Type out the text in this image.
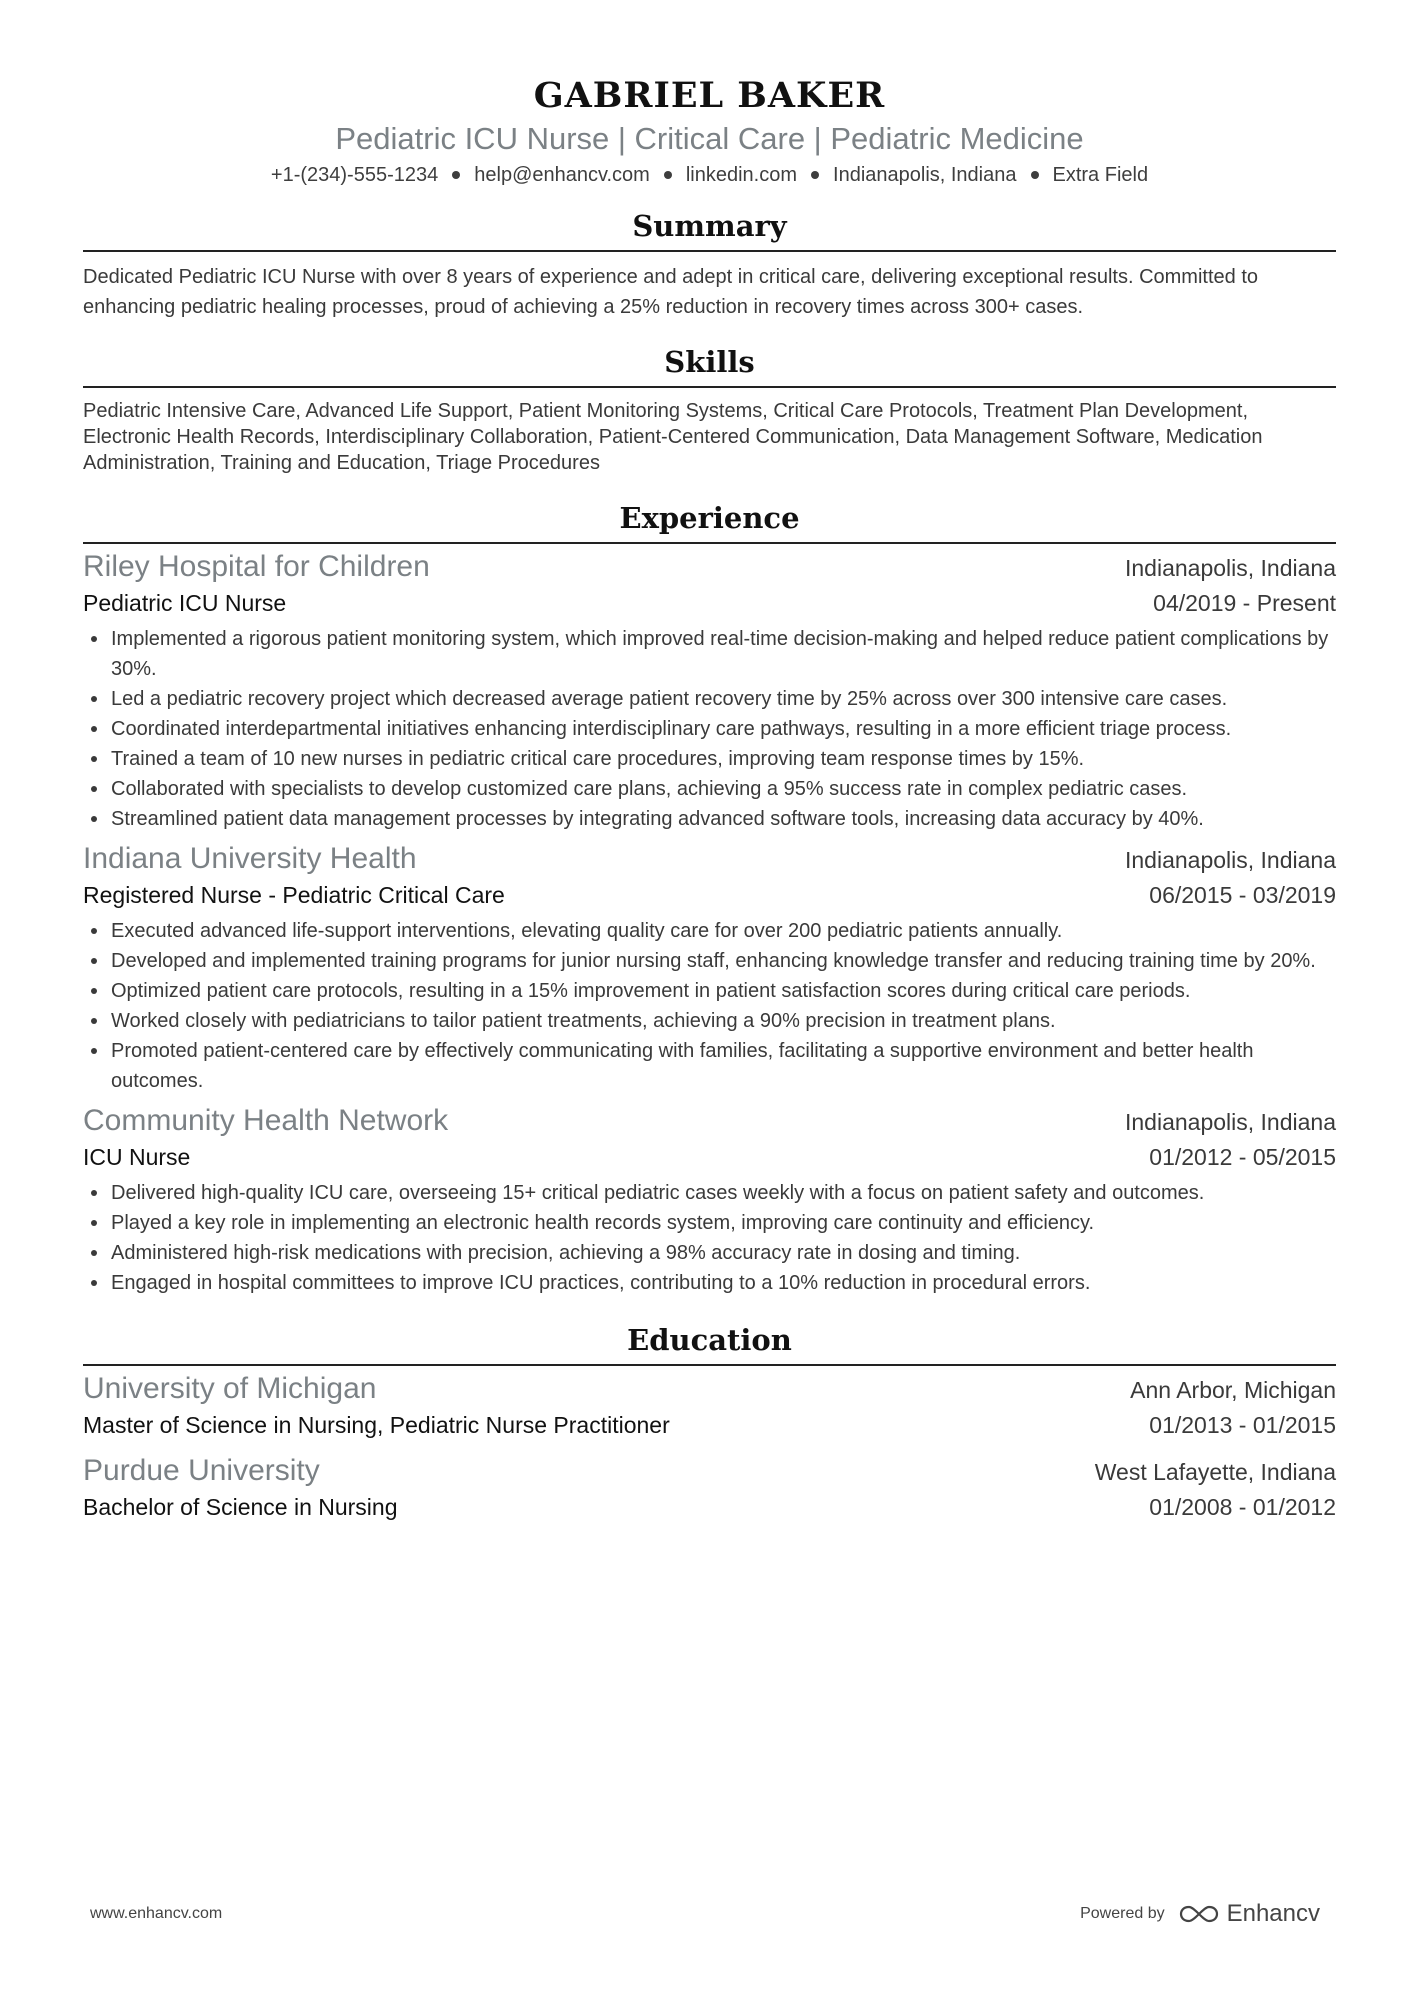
GABRIEL BAKER
Pediatric ICU Nurse | Critical Care | Pediatric Medicine
+1-(234)-555-1234 help@enhancv.com linkedin.com Indianapolis, Indiana Extra Field
Summary
Dedicated Pediatric ICU Nurse with over 8 years of experience and adept in critical care, delivering exceptional results. Committed to enhancing pediatric healing processes, proud of achieving a 25% reduction in recovery times across 300+ cases.
Skills
Pediatric Intensive Care, Advanced Life Support, Patient Monitoring Systems, Critical Care Protocols, Treatment Plan Development, Electronic Health Records, Interdisciplinary Collaboration, Patient-Centered Communication, Data Management Software, Medication Administration, Training and Education, Triage Procedures
Experience
Riley Hospital for Children	Indianapolis, Indiana
Pediatric ICU Nurse	04/2019 - Present
Implemented a rigorous patient monitoring system, which improved real-time decision-making and helped reduce patient complications by 30%.
Led a pediatric recovery project which decreased average patient recovery time by 25% across over 300 intensive care cases.
Coordinated interdepartmental initiatives enhancing interdisciplinary care pathways, resulting in a more efficient triage process.
Trained a team of 10 new nurses in pediatric critical care procedures, improving team response times by 15%.
Collaborated with specialists to develop customized care plans, achieving a 95% success rate in complex pediatric cases.
Streamlined patient data management processes by integrating advanced software tools, increasing data accuracy by 40%.
Indiana University Health	Indianapolis, Indiana
Registered Nurse - Pediatric Critical Care	06/2015 - 03/2019
Executed advanced life-support interventions, elevating quality care for over 200 pediatric patients annually.
Developed and implemented training programs for junior nursing staff, enhancing knowledge transfer and reducing training time by 20%.
Optimized patient care protocols, resulting in a 15% improvement in patient satisfaction scores during critical care periods.
Worked closely with pediatricians to tailor patient treatments, achieving a 90% precision in treatment plans.
Promoted patient-centered care by effectively communicating with families, facilitating a supportive environment and better health outcomes.
Community Health Network	Indianapolis, Indiana
ICU Nurse	01/2012 - 05/2015
Delivered high-quality ICU care, overseeing 15+ critical pediatric cases weekly with a focus on patient safety and outcomes.
Played a key role in implementing an electronic health records system, improving care continuity and efficiency.
Administered high-risk medications with precision, achieving a 98% accuracy rate in dosing and timing.
Engaged in hospital committees to improve ICU practices, contributing to a 10% reduction in procedural errors.
Education
University of Michigan	Ann Arbor, Michigan
Master of Science in Nursing, Pediatric Nurse Practitioner	01/2013 - 01/2015
Purdue University	West Lafayette, Indiana
Bachelor of Science in Nursing	01/2008 - 01/2012
www.enhancv.com	Powered by	Enhancv
